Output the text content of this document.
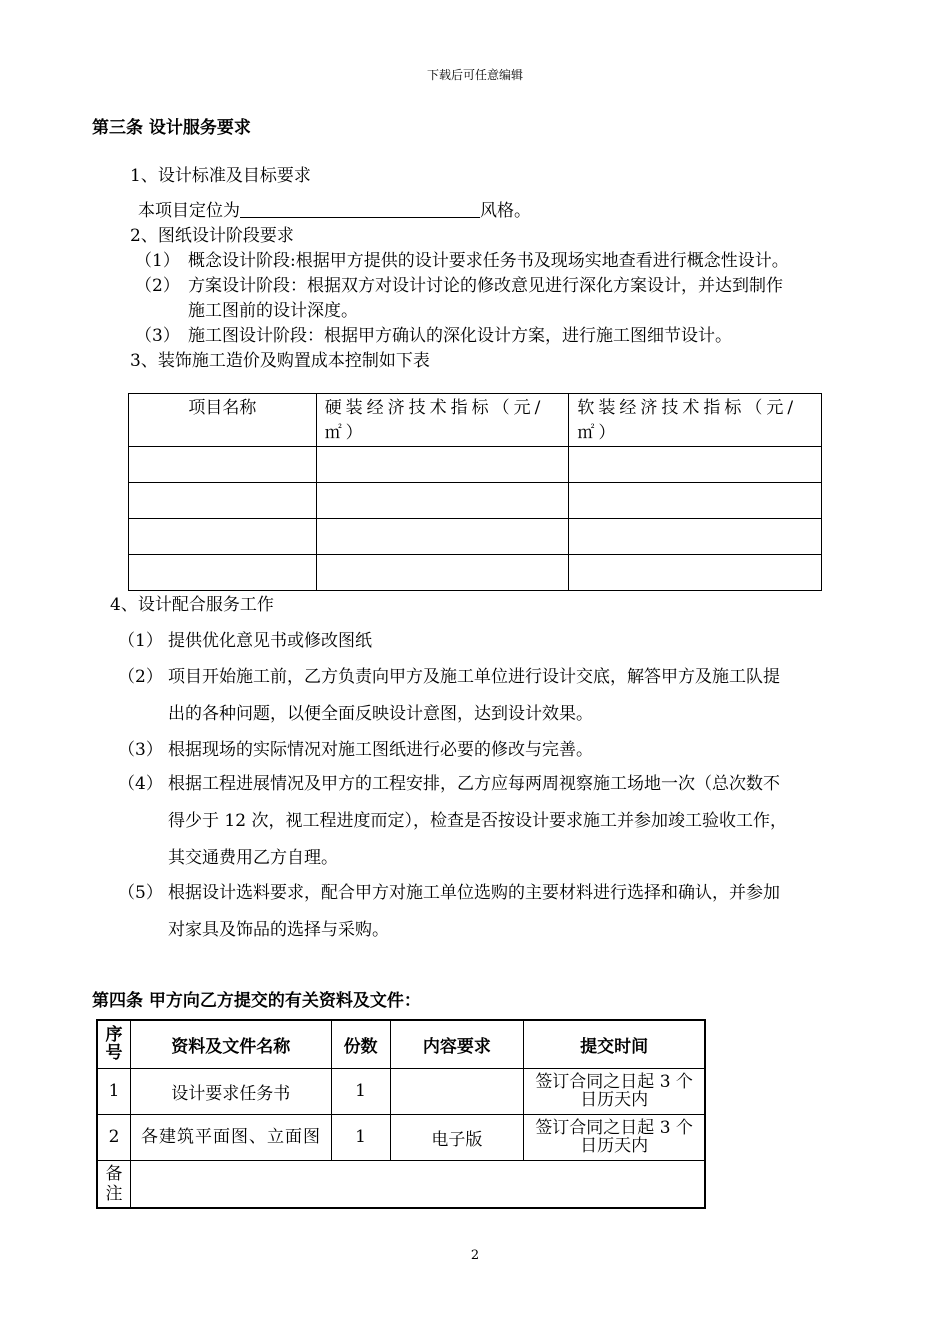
下载后可任意编辑
第三条 设计服务要求
1、设计标准及目标要求
本项目定位为	风格。
2、图纸设计阶段要求
（1） 概念设计阶段:根据甲方提供的设计要求任务书及现场实地查看进行概念性设计。
（2） 方案设计阶段：根据双方对设计讨论的修改意见进行深化方案设计，并达到制作
施工图前的设计深度。
（3） 施工图设计阶段：根据甲方确认的深化设计方案，进行施工图细节设计。
3、装饰施工造价及购置成本控制如下表
项目名称	硬装经济技术指标（元/㎡）	软装经济技术指标（元/㎡）

4、设计配合服务工作
（1） 提供优化意见书或修改图纸
（2） 项目开始施工前，乙方负责向甲方及施工单位进行设计交底，解答甲方及施工队提
出的各种问题，以便全面反映设计意图，达到设计效果。
（3） 根据现场的实际情况对施工图纸进行必要的修改与完善。
（4） 根据工程进展情况及甲方的工程安排，乙方应每两周视察施工场地一次（总次数不
得少于 12 次，视工程进度而定），检查是否按设计要求施工并参加竣工验收工作，
其交通费用乙方自理。
（5） 根据设计选料要求，配合甲方对施工单位选购的主要材料进行选择和确认，并参加
对家具及饰品的选择与采购。
第四条 甲方向乙方提交的有关资料及文件：
序号	资料及文件名称	份数	内容要求	提交时间
1	设计要求任务书	1		签订合同之日起 3 个日历天内
2	各建筑平面图、立面图	1	电子版	签订合同之日起 3 个日历天内
备注				
2
